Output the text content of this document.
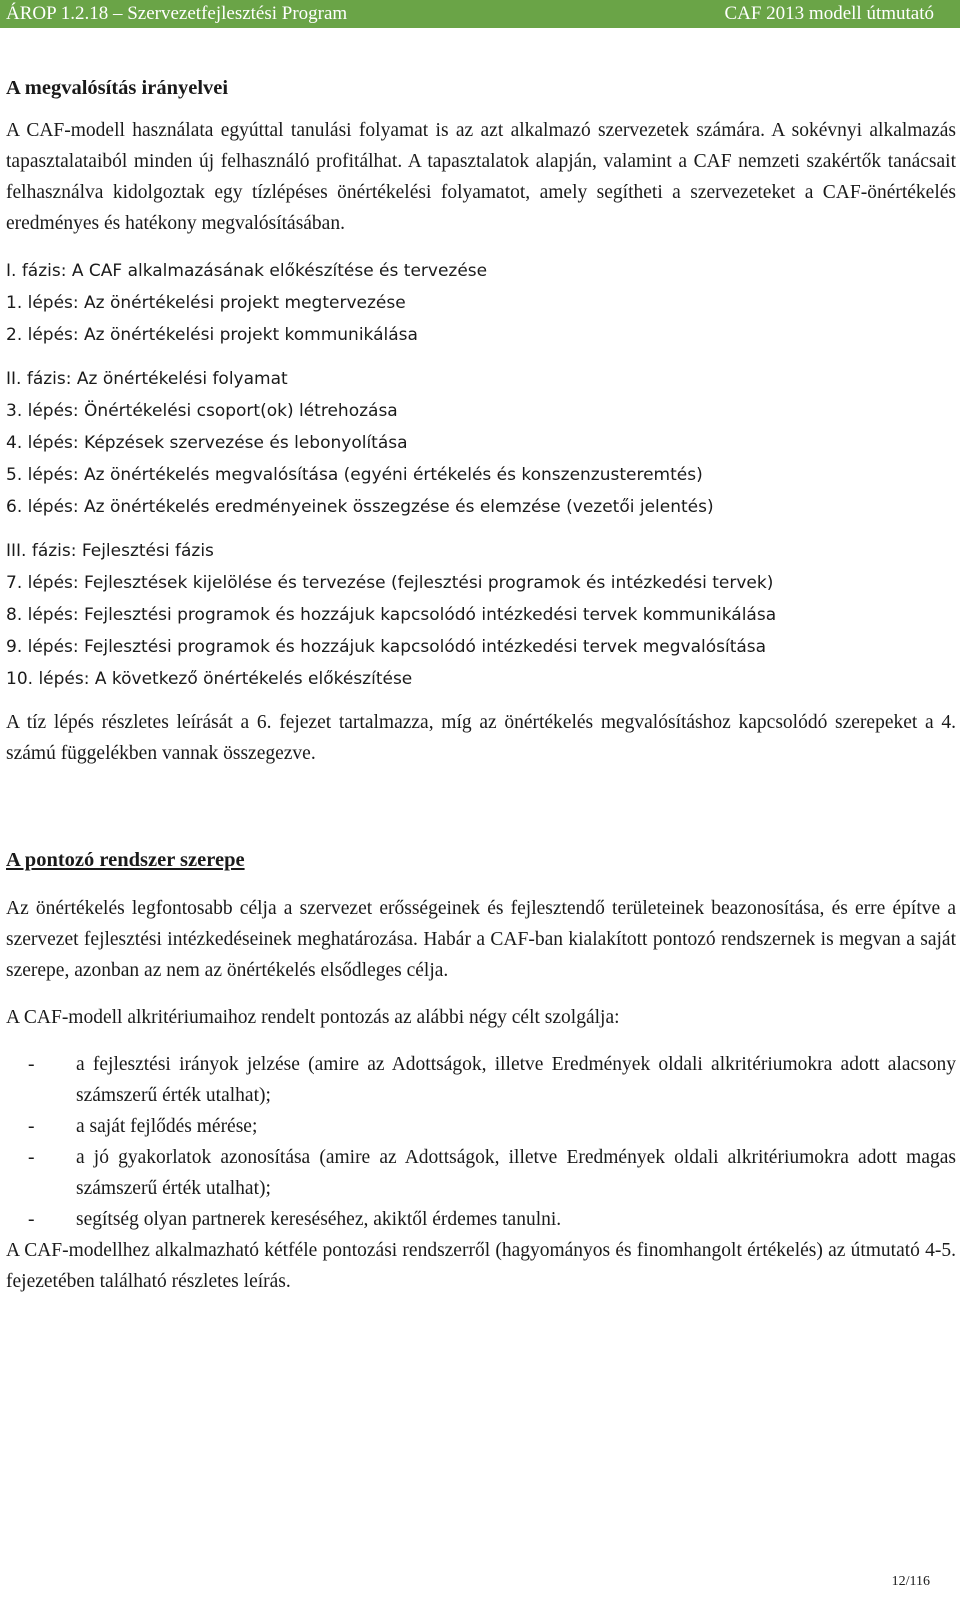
ÁROP 1.2.18 – Szervezetfejlesztési Program	CAF 2013 modell útmutató
A megvalósítás irányelvei

A CAF-modell használata egyúttal tanulási folyamat is az azt alkalmazó szervezetek számára. A sokévnyi alkalmazás tapasztalataiból minden új felhasználó profitálhat. A tapasztalatok alapján, valamint a CAF nemzeti szakértők tanácsait felhasználva kidolgoztak egy tízlépéses önértékelési folyamatot, amely segítheti a szervezeteket a CAF-önértékelés eredményes és hatékony megvalósításában.

I. fázis: A CAF alkalmazásának előkészítése és tervezése
1. lépés: Az önértékelési projekt megtervezése
2. lépés: Az önértékelési projekt kommunikálása
II. fázis: Az önértékelési folyamat
3. lépés: Önértékelési csoport(ok) létrehozása
4. lépés: Képzések szervezése és lebonyolítása
5. lépés: Az önértékelés megvalósítása (egyéni értékelés és konszenzusteremtés)
6. lépés: Az önértékelés eredményeinek összegzése és elemzése (vezetői jelentés)
III. fázis: Fejlesztési fázis
7. lépés: Fejlesztések kijelölése és tervezése (fejlesztési programok és intézkedési tervek)
8. lépés: Fejlesztési programok és hozzájuk kapcsolódó intézkedési tervek kommunikálása
9. lépés: Fejlesztési programok és hozzájuk kapcsolódó intézkedési tervek megvalósítása
10. lépés: A következő önértékelés előkészítése

A tíz lépés részletes leírását a 6. fejezet tartalmazza, míg az önértékelés megvalósításhoz kapcsolódó szerepeket a 4. számú függelékben vannak összegezve.

A pontozó rendszer szerepe

Az önértékelés legfontosabb célja a szervezet erősségeinek és fejlesztendő területeinek beazonosítása, és erre építve a szervezet fejlesztési intézkedéseinek meghatározása. Habár a CAF-ban kialakított pontozó rendszernek is megvan a saját szerepe, azonban az nem az önértékelés elsődleges célja.

A CAF-modell alkritériumaihoz rendelt pontozás az alábbi négy célt szolgálja:

- a fejlesztési irányok jelzése (amire az Adottságok, illetve Eredmények oldali alkritériumokra adott alacsony számszerű érték utalhat);
- a saját fejlődés mérése;
- a jó gyakorlatok azonosítása (amire az Adottságok, illetve Eredmények oldali alkritériumokra adott magas számszerű érték utalhat);
- segítség olyan partnerek kereséséhez, akiktől érdemes tanulni.

A CAF-modellhez alkalmazható kétféle pontozási rendszerről (hagyományos és finomhangolt értékelés) az útmutató 4-5. fejezetében található részletes leírás.

12/116
